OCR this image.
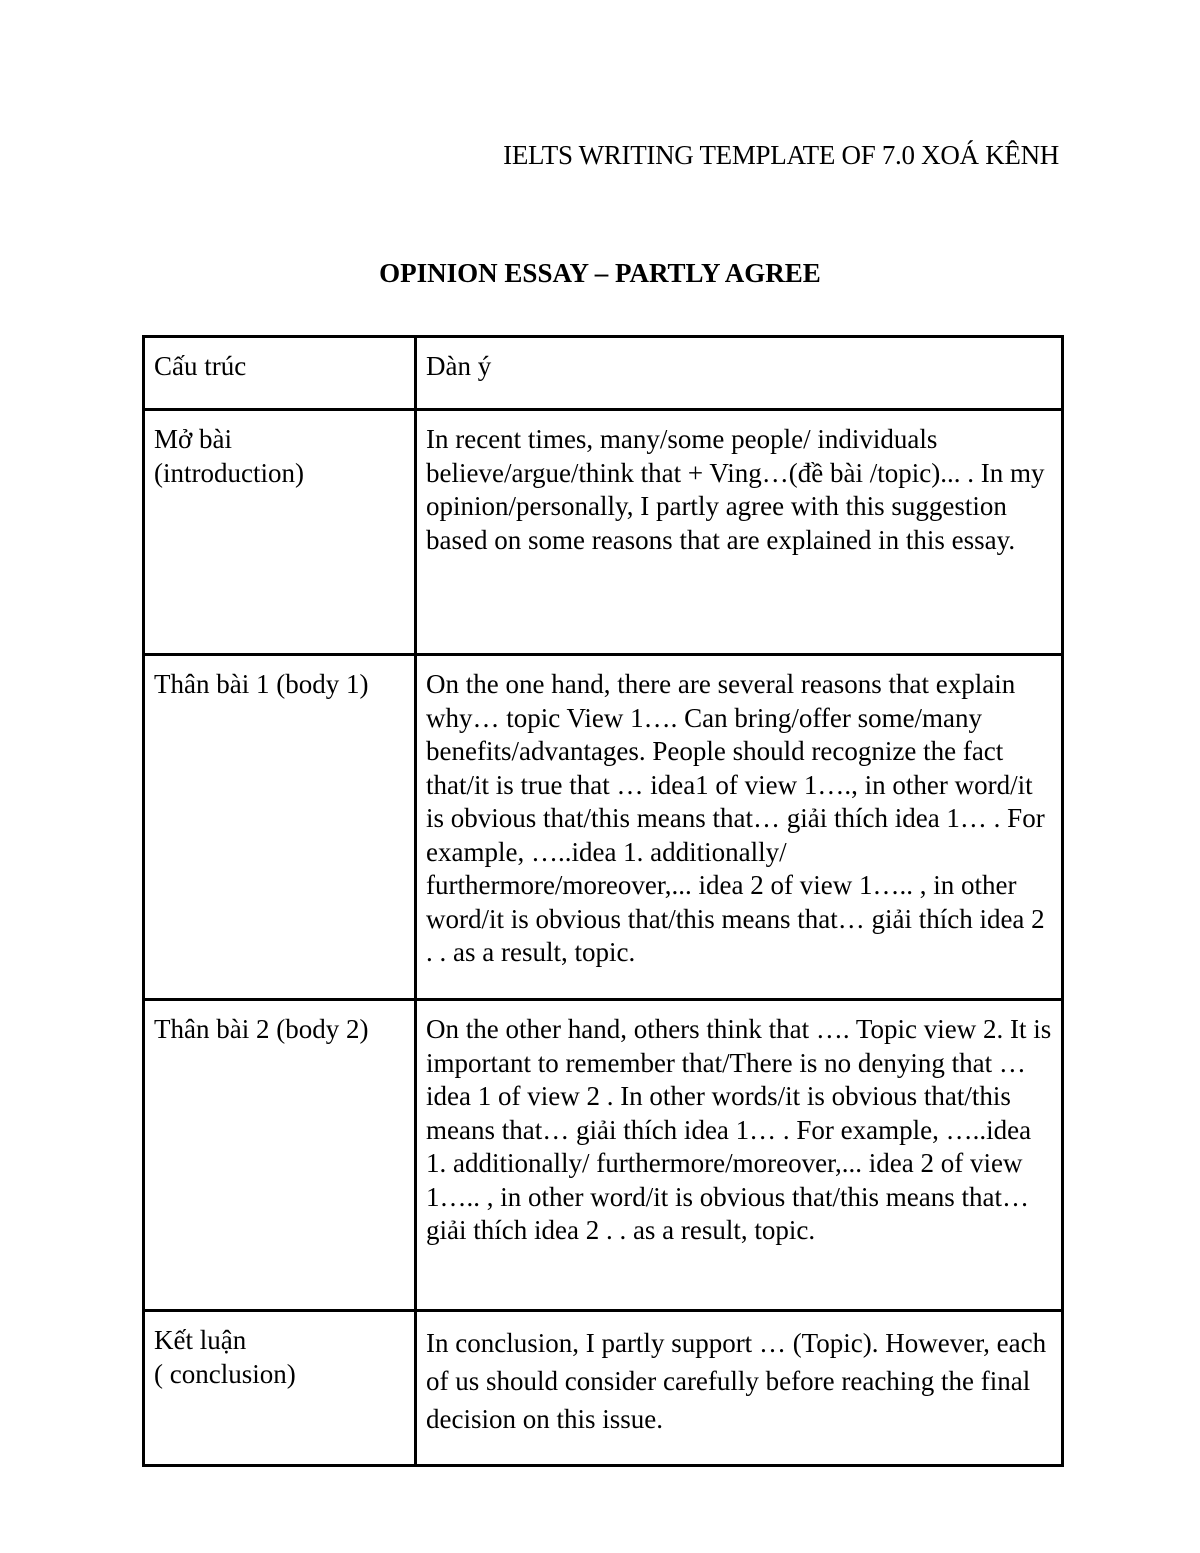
IELTS WRITING TEMPLATE OF 7.0 XOÁ KÊNH
OPINION ESSAY – PARTLY AGREE
Cấu trúc	Dàn ý

Mở bài
(introduction)	In recent times, many/some people/ individuals believe/argue/think that + Ving…(đề bài /topic)... . In my opinion/personally, I partly agree with this suggestion based on some reasons that are explained in this essay.

Thân bài 1 (body 1)	On the one hand, there are several reasons that explain why… topic View 1…. Can bring/offer some/many benefits/advantages. People should recognize the fact that/it is true that … idea1 of view 1…., in other word/it is obvious that/this means that… giải thích idea 1… . For example, …..idea 1. additionally/ furthermore/moreover,... idea 2 of view 1….. , in other word/it is obvious that/this means that… giải thích idea 2 . . as a result, topic.

Thân bài 2 (body 2)	On the other hand, others think that …. Topic view 2. It is important to remember that/There is no denying that … idea 1 of view 2 . In other words/it is obvious that/this means that… giải thích idea 1… . For example, …..idea 1. additionally/ furthermore/moreover,... idea 2 of view 1….. , in other word/it is obvious that/this means that… giải thích idea 2 . . as a result, topic.

Kết luận
( conclusion)	In conclusion, I partly support … (Topic). However, each of us should consider carefully before reaching the final decision on this issue.
